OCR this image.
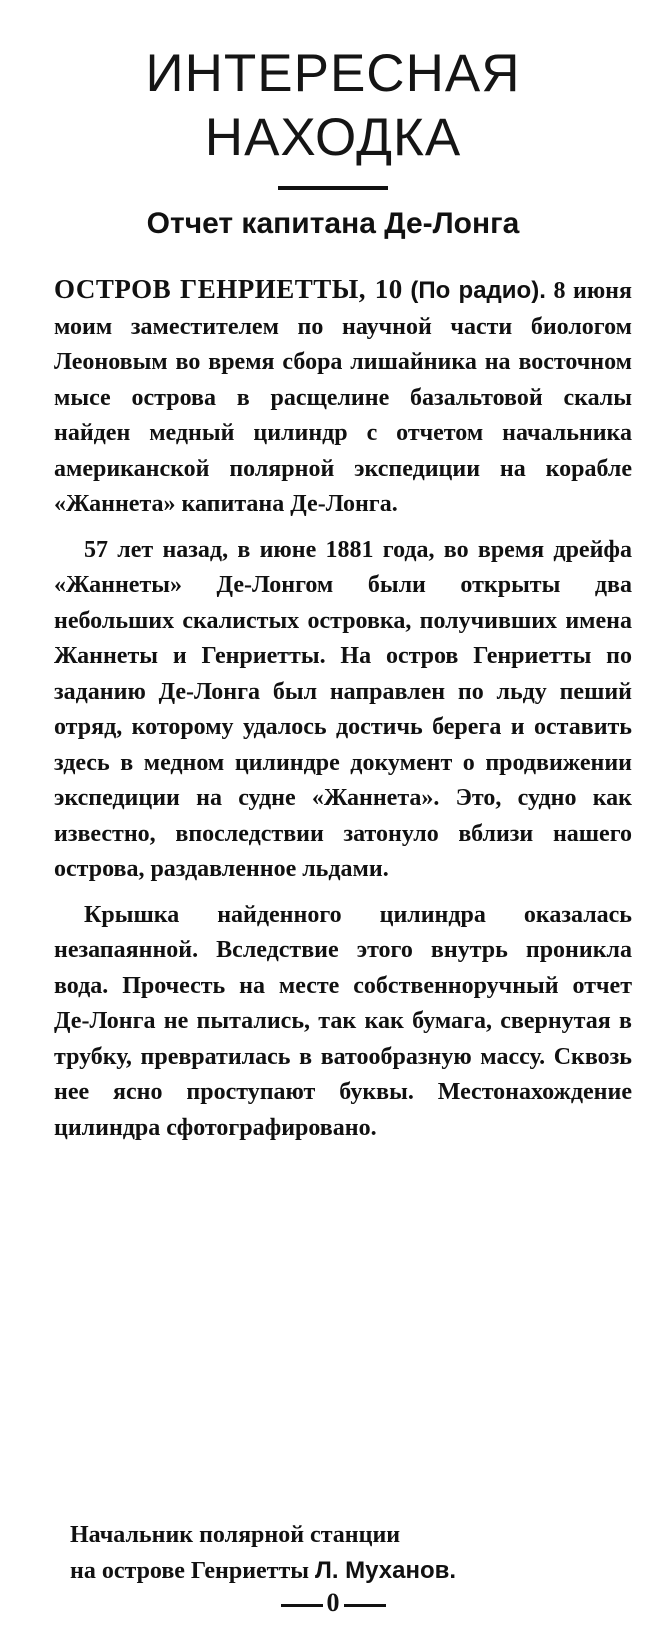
ИНТЕРЕСНАЯ
НАХОДКА
Отчет капитана Де-Лонга

ОСТРОВ ГЕНРИЕТТЫ, 10 (По радио). 8 июня моим заместителем по научной части биологом Леоновым во время сбора лишайника на восточном мысе острова в расщелине базальтовой скалы найден медный цилиндр с отчетом начальника американской полярной экспедиции на корабле «Жаннета» капитана Де-Лонга.

57 лет назад, в июне 1881 года, во время дрейфа «Жаннеты» Де-Лонгом были открыты два небольших скалистых островка, получивших имена Жаннеты и Генриетты. На остров Генриетты по заданию Де-Лонга был направлен по льду пеший отряд, которому удалось достичь берега и оставить здесь в медном цилиндре документ о продвижении экспедиции на судне «Жаннета». Это, судно как известно, впоследствии затонуло вблизи нашего острова, раздавленное льдами.

Крышка найденного цилиндра оказалась незапаянной. Вследствие этого внутрь проникла вода. Прочесть на месте собственноручный отчет Де-Лонга не пытались, так как бумага, свернутая в трубку, превратилась в ватообразную массу. Сквозь нее ясно проступают буквы. Местонахождение цилиндра сфотографировано.

Начальник полярной станции
на острове Генриетты Л. Муханов.
0
